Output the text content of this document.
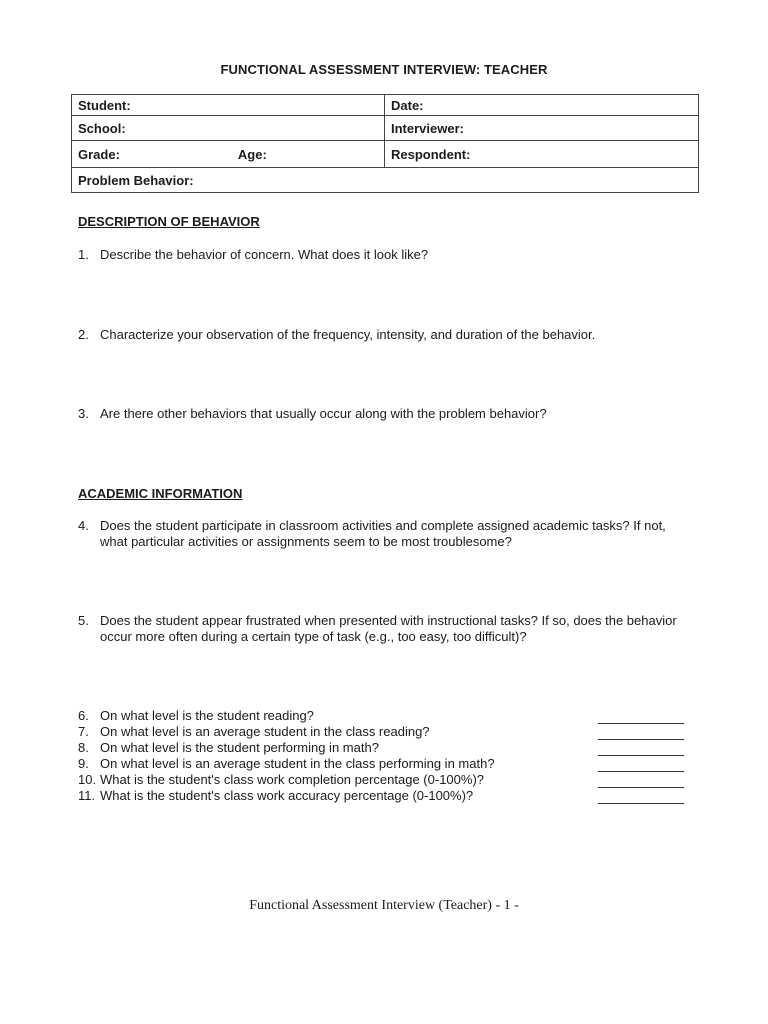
FUNCTIONAL ASSESSMENT INTERVIEW: TEACHER
Student:	Date:
School:	Interviewer:
Grade: Age:	Respondent:
Problem Behavior:	
DESCRIPTION OF BEHAVIOR
1. Describe the behavior of concern. What does it look like?
2. Characterize your observation of the frequency, intensity, and duration of the behavior.
3. Are there other behaviors that usually occur along with the problem behavior?
ACADEMIC INFORMATION
4. Does the student participate in classroom activities and complete assigned academic tasks? If not, what particular activities or assignments seem to be most troublesome?
5. Does the student appear frustrated when presented with instructional tasks? If so, does the behavior occur more often during a certain type of task (e.g., too easy, too difficult)?
6. On what level is the student reading?
7. On what level is an average student in the class reading?
8. On what level is the student performing in math?
9. On what level is an average student in the class performing in math?
10. What is the student's class work completion percentage (0-100%)?
11. What is the student's class work accuracy percentage (0-100%)?
Functional Assessment Interview (Teacher) - 1 -
